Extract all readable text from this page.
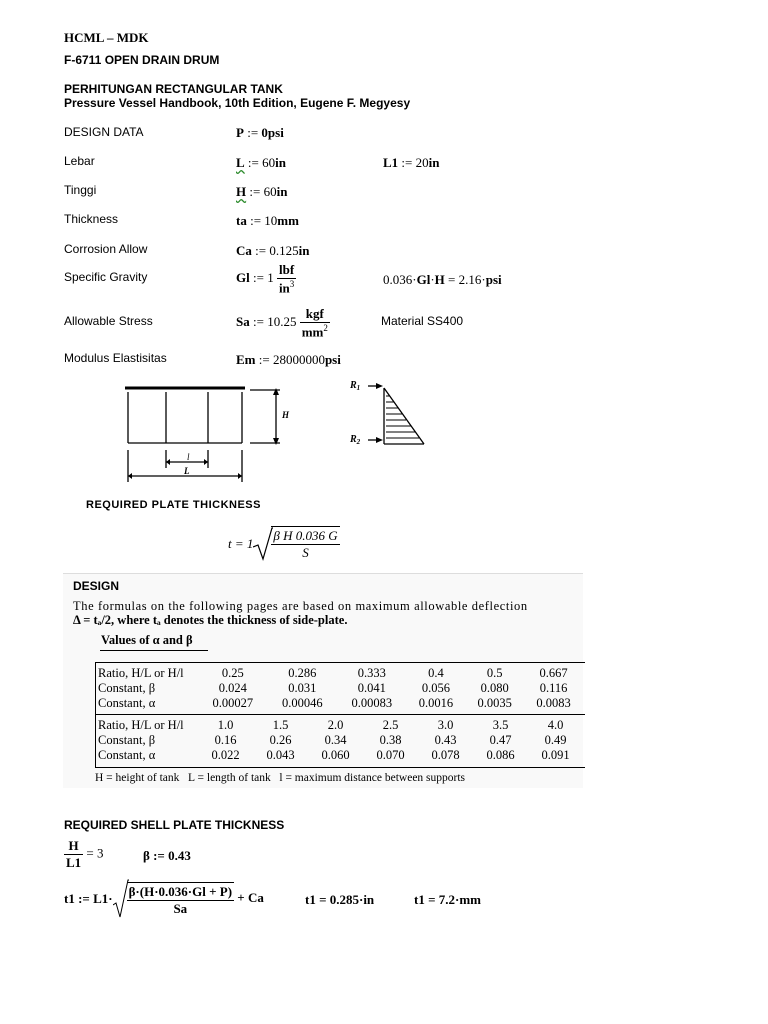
HCML – MDK
F-6711 OPEN DRAIN DRUM
PERHITUNGAN RECTANGULAR TANK
Pressure Vessel Handbook, 10th Edition, Eugene F. Megyesy
DESIGN DATA	P := 0psi
Lebar	L := 60in	L1 := 20in
Tinggi	H := 60in
Thickness	ta := 10mm
Corrosion Allow	Ca := 0.125in
Specific Gravity	Gl := $1 \frac{\text{lbf}}{in^3}$	0.036·Gl·H = 2.16·psi
Allowable Stress	Sa := $10.25 \frac{\text{kgf}}{mm^2}$	Material SS400
Modulus Elastisitas	Em := 28000000psi
H
l
L
$R_1$
$R_2$
REQUIRED PLATE THICKNESS
$t = 1 \frac{\text{β H 0.036 G}}{S}$
DESIGN
The formulas on the following pages are based on maximum allowable deflection
Δ = tₐ/2, where tₐ denotes the thickness of side-plate.
Values of α and β
Ratio, H/L or H/l	0.25	0.286	0.333	0.4	0.5	0.667
Constant, β	0.024	0.031	0.041	0.056	0.080	0.116
Constant, α	0.00027	0.00046	0.00083	0.0016	0.0035	0.0083
Ratio, H/L or H/l	1.0	1.5	2.0	2.5	3.0	3.5	4.0
Constant, β	0.16	0.26	0.34	0.38	0.43	0.47	0.49
Constant, α	0.022	0.043	0.060	0.070	0.078	0.086	0.091
H = height of tank   L = length of tank   l = maximum distance between supports
REQUIRED SHELL PLATE THICKNESS
$\frac{H}{L1} = 3$	β := 0.43
t1 := $L1\cdot \frac{\beta\cdot(H\cdot 0.036\cdot Gl + P)}{Sa} + Ca$	t1 = 0.285·in	t1 = 7.2·mm
